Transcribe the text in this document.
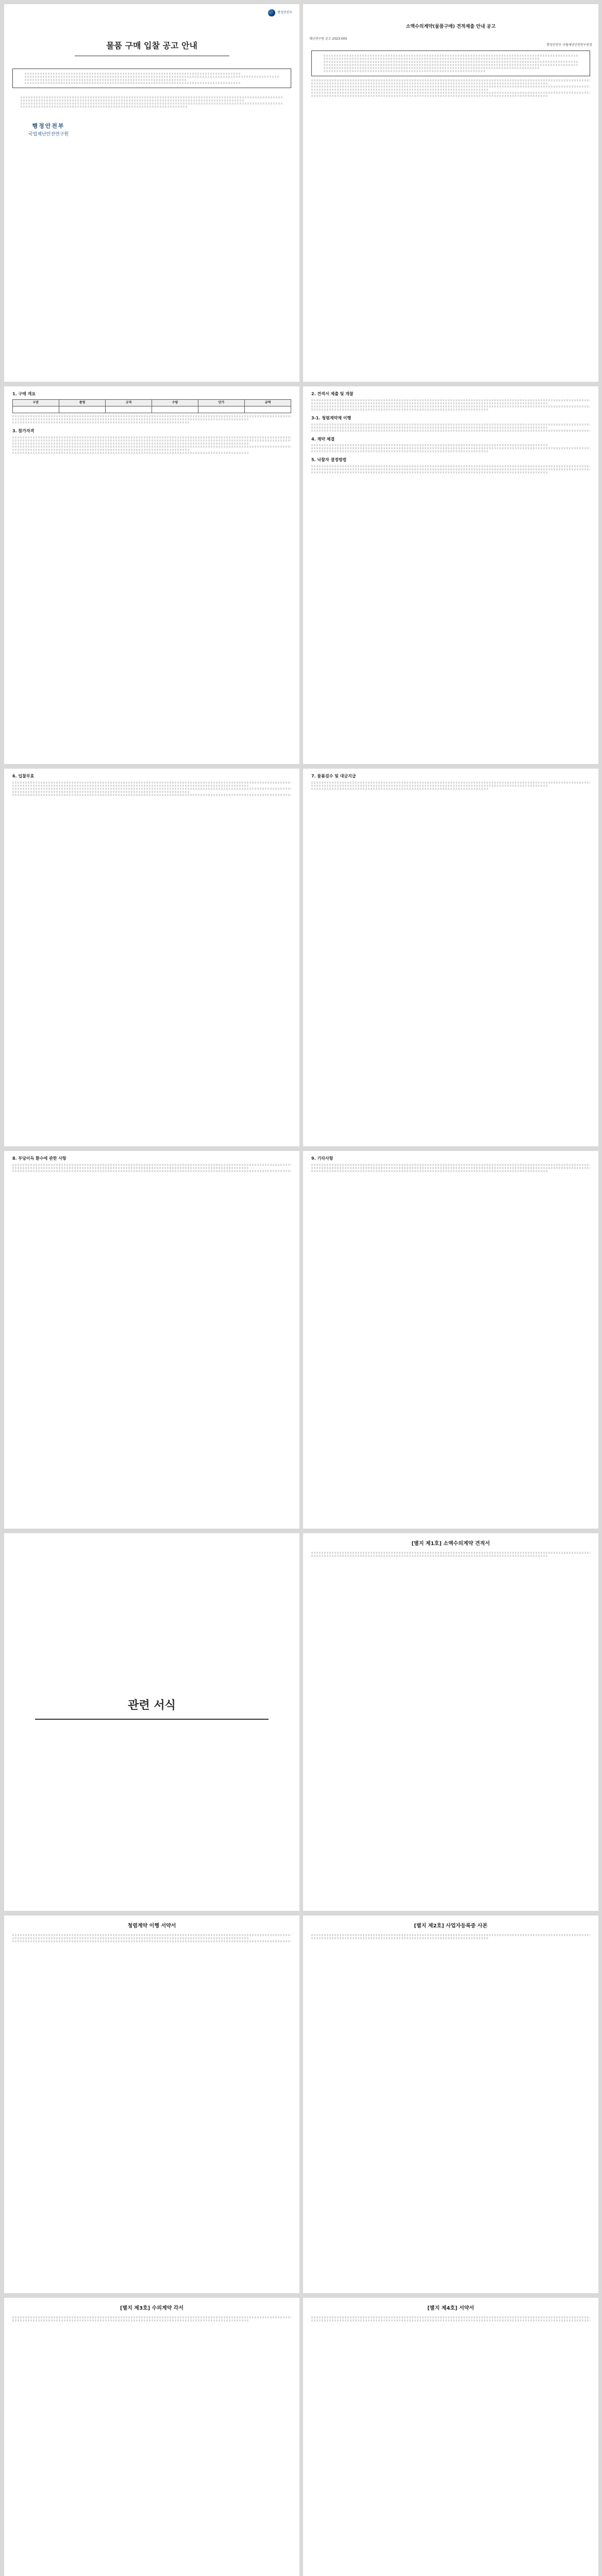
행정안전부
물품 구매 입찰 공고 안내
행정안전부
국립재난안전연구원
소액수의계약(물품구매) 견적제출 안내 공고
재난연구원 공고 2023-000
행정안전부 국립재난안전연구원장
1. 구매 개요
구분	품명	규격	수량	단가	금액

3. 참가자격
2. 견적서 제출 및 개찰
3-1. 청렴계약제 이행
4. 계약 체결
5. 낙찰자 결정방법
6. 입찰무효	7. 물품검수 및 대금지급
8. 부당이득 환수에 관한 사항	9. 기타사항
관련 서식
[별지 제1호] 소액수의계약 견적서
청렴계약 이행 서약서	[별지 제2호] 사업자등록증 사본
[별지 제3호] 수의계약 각서	[별지 제4호] 서약서
